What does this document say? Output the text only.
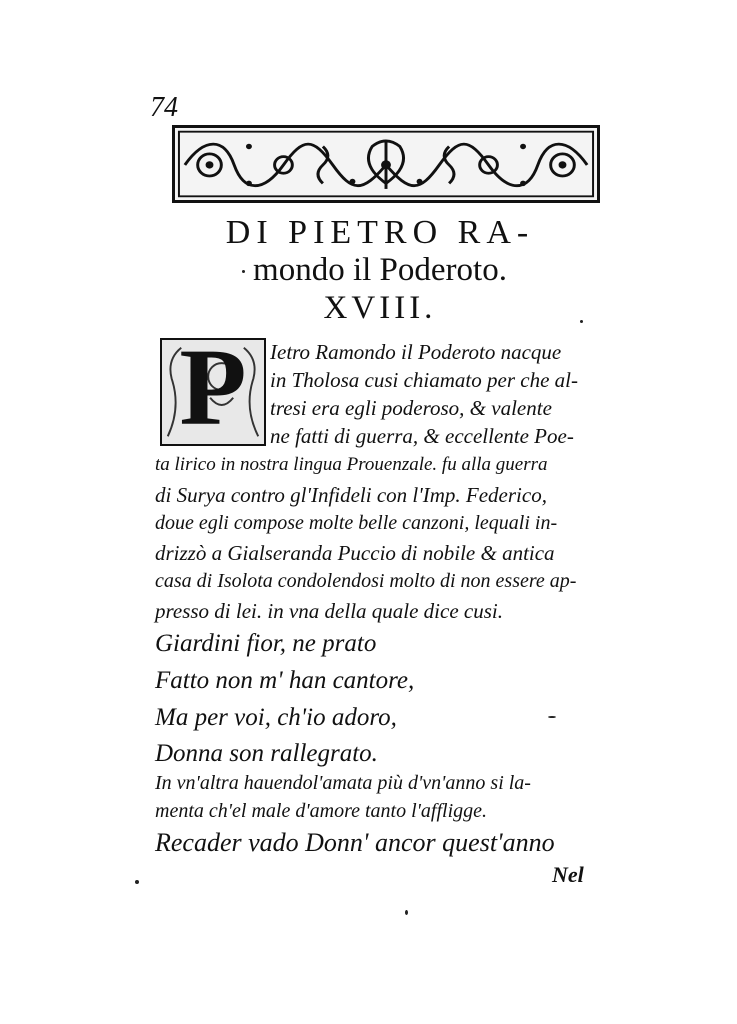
74
DI PIETRO RA-
mondo il Poderoto.
XVIII.
P	Ietro Ramondo il Poderoto nacque
in Tholosa cusi chiamato per che al-
tresi era egli poderoso, & valente
ne fatti di guerra, & eccellente Poe-
ta lirico in nostra lingua Prouenzale. fu alla guerra
di Surya contro gl'Infideli con l'Imp. Federico,
doue egli compose molte belle canzoni, lequali in-
drizzò a Gialseranda Puccio di nobile & antica
casa di Isolota condolendosi molto di non essere ap-
presso di lei. in vna della quale dice cusi.
Giardini fior, ne prato
Fatto non m' han cantore,
Ma per voi, ch'io adoro,
Donna son rallegrato.
In vn'altra hauendol'amata più d'vn'anno si la-
menta ch'el male d'amore tanto l'affligge.
Recader vado Donn' ancor quest'anno
Nel
